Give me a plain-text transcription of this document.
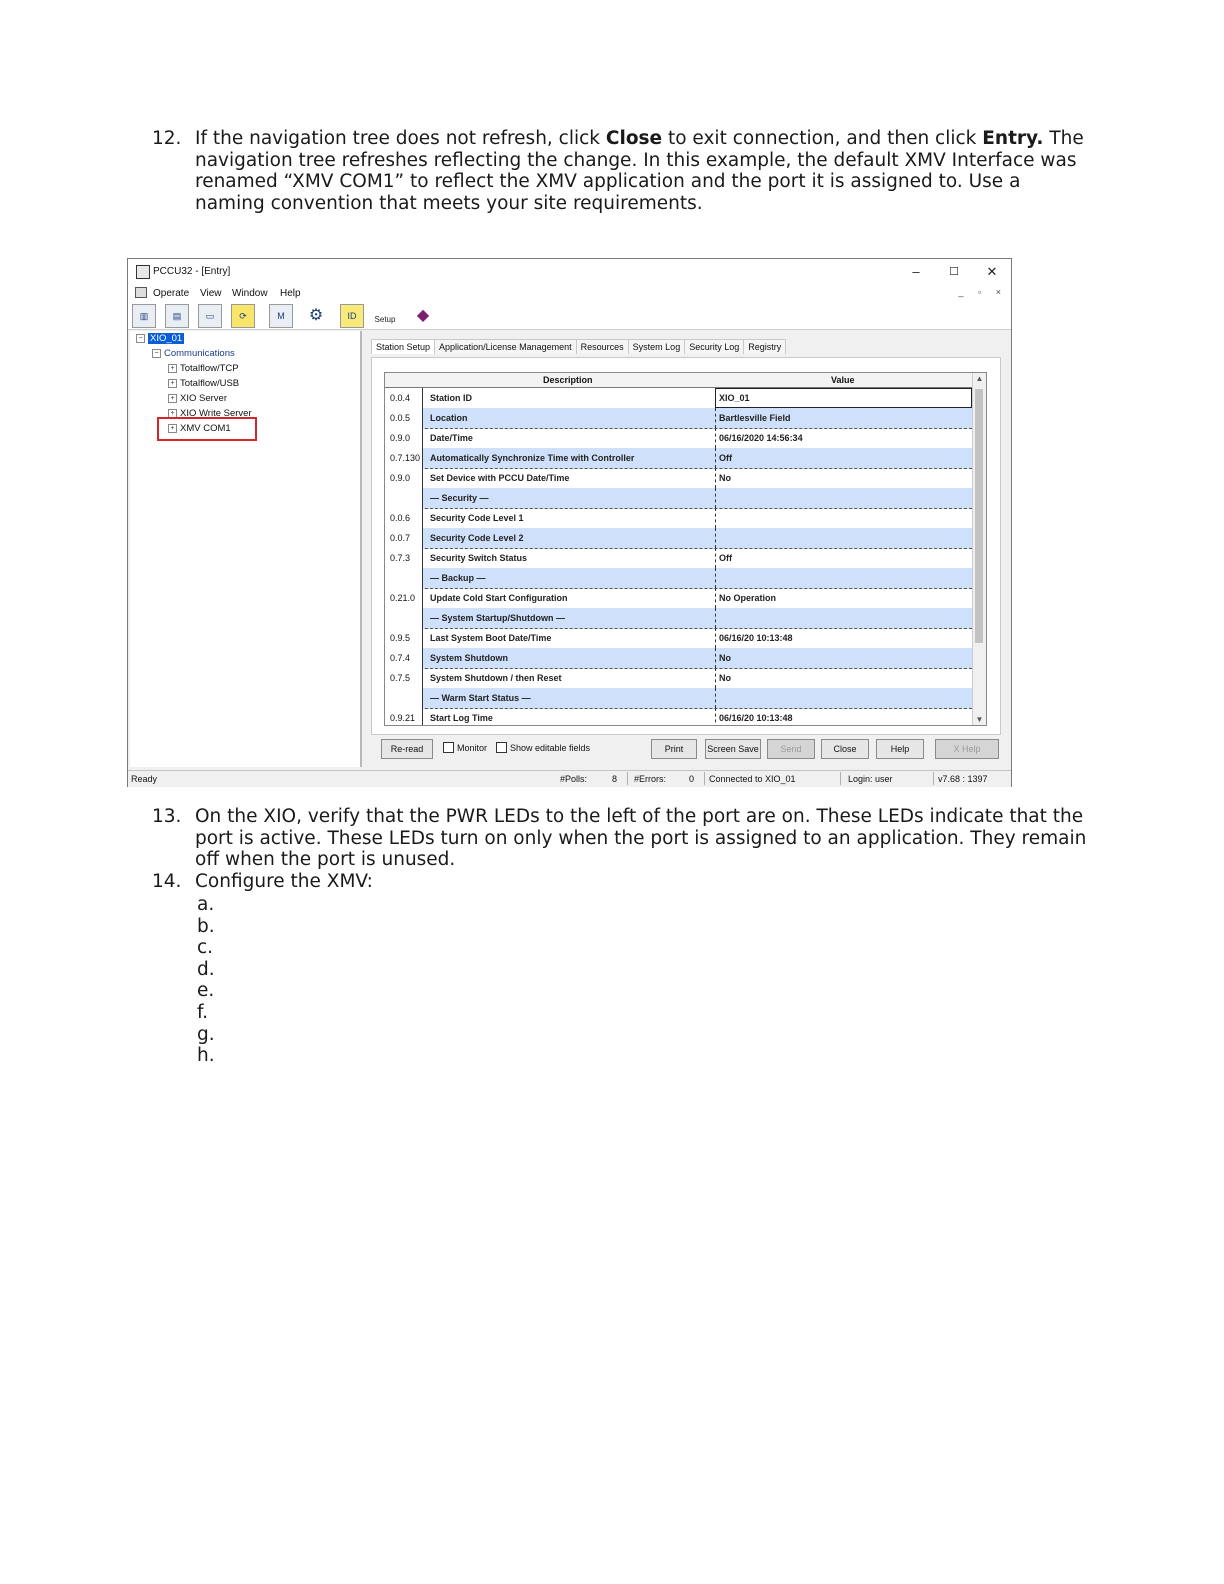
12. If the navigation tree does not refresh, click Close to exit connection, and then click Entry. The navigation tree refreshes reflecting the change. In this example, the default XMV Interface was renamed “XMV COM1” to reflect the XMV application and the port it is assigned to. Use a naming convention that meets your site requirements.
PCCU32 - [Entry]	–	☐	✕
Operate View Window Help	_ ▫ ×
▥	▤	▭	⟳	M	⚙	ID	Setup	◆
− XIO_01
− Communications
+ Totalflow/TCP
+ Totalflow/USB
+ XIO Server
+ XIO Write Server
+ XMV COM1
Station Setup Application/License Management Resources System Log Security Log Registry
Description	Value
0.0.4	Station ID	XIO_01
0.0.5	Location	Bartlesville Field
0.9.0	Date/Time	06/16/2020 14:56:34
0.7.130	Automatically Synchronize Time with Controller	Off
0.9.0	Set Device with PCCU Date/Time	No
— Security —
0.0.6	Security Code Level 1
0.0.7	Security Code Level 2
0.7.3	Security Switch Status	Off
— Backup —
0.21.0	Update Cold Start Configuration	No Operation
— System Startup/Shutdown —
0.9.5	Last System Boot Date/Time	06/16/20 10:13:48
0.7.4	System Shutdown	No
0.7.5	System Shutdown / then Reset	No
— Warm Start Status —
0.9.21	Start Log Time	06/16/20 10:13:48
▲
▼
Re-read	Monitor	Show editable fields	Print	Screen Save	Send	Close	Help	X Help
Ready	#Polls:	8 #Errors:	0 Connected to XIO_01	Login: user	v7.68 : 1397
13. On the XIO, verify that the PWR LEDs to the left of the port are on. These LEDs indicate that the port is active. These LEDs turn on only when the port is assigned to an application. They remain off when the port is unused.
14. Configure the XMV:
a.
b.
c.
d.
e.
f.
g.
h.
